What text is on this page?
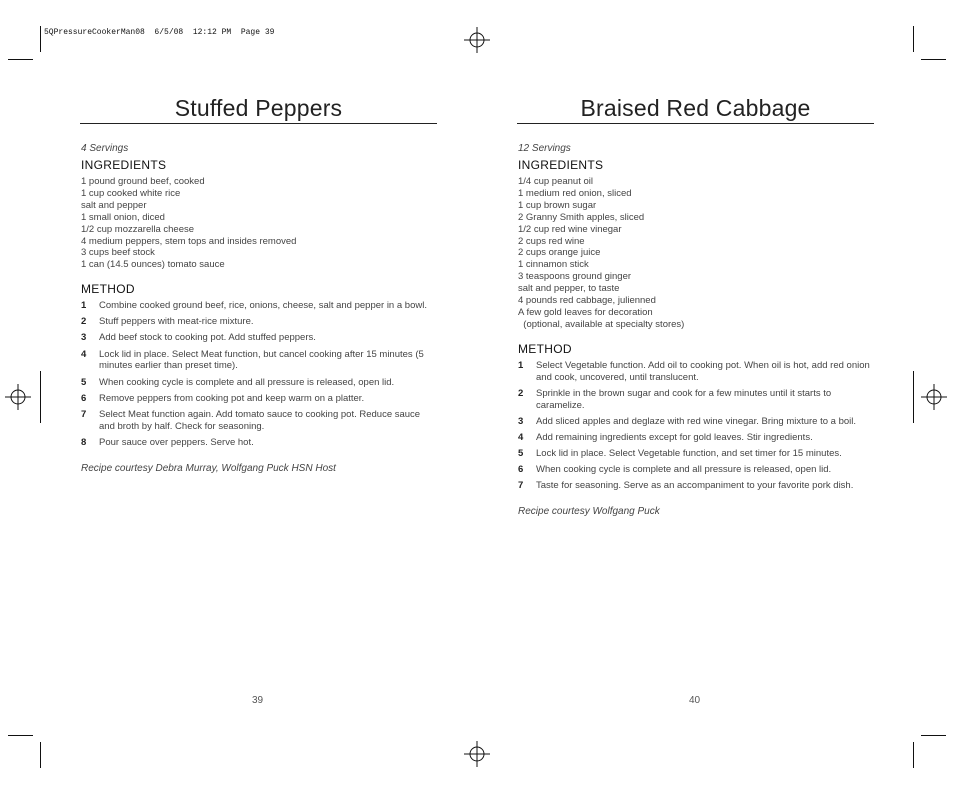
5QPressureCookerMan08  6/5/08  12:12 PM  Page 39
Stuffed Peppers
4 Servings
INGREDIENTS
1 pound ground beef, cooked
1 cup cooked white rice
salt and pepper
1 small onion, diced
1/2 cup mozzarella cheese
4 medium peppers, stem tops and insides removed
3 cups beef stock
1 can (14.5 ounces) tomato sauce
METHOD
1	Combine cooked ground beef, rice, onions, cheese, salt and pepper in a bowl.
2	Stuff peppers with meat-rice mixture.
3	Add beef stock to cooking pot. Add stuffed peppers.
4	Lock lid in place. Select Meat function, but cancel cooking after 15 minutes (5 minutes earlier than preset time).
5	When cooking cycle is complete and all pressure is released, open lid.
6	Remove peppers from cooking pot and keep warm on a platter.
7	Select Meat function again. Add tomato sauce to cooking pot. Reduce sauce and broth by half. Check for seasoning.
8	Pour sauce over peppers. Serve hot.
Recipe courtesy Debra Murray, Wolfgang Puck HSN Host
39
Braised Red Cabbage
12 Servings
INGREDIENTS
1/4 cup peanut oil
1 medium red onion, sliced
1 cup brown sugar
2 Granny Smith apples, sliced
1/2 cup red wine vinegar
2 cups red wine
2 cups orange juice
1 cinnamon stick
3 teaspoons ground ginger
salt and pepper, to taste
4 pounds red cabbage, julienned
A few gold leaves for decoration
(optional, available at specialty stores)
METHOD
1	Select Vegetable function. Add oil to cooking pot. When oil is hot, add red onion and cook, uncovered, until translucent.
2	Sprinkle in the brown sugar and cook for a few minutes until it starts to caramelize.
3	Add sliced apples and deglaze with red wine vinegar. Bring mixture to a boil.
4	Add remaining ingredients except for gold leaves. Stir ingredients.
5	Lock lid in place. Select Vegetable function, and set timer for 15 minutes.
6	When cooking cycle is complete and all pressure is released, open lid.
7	Taste for seasoning. Serve as an accompaniment to your favorite pork dish.
Recipe courtesy Wolfgang Puck
40
